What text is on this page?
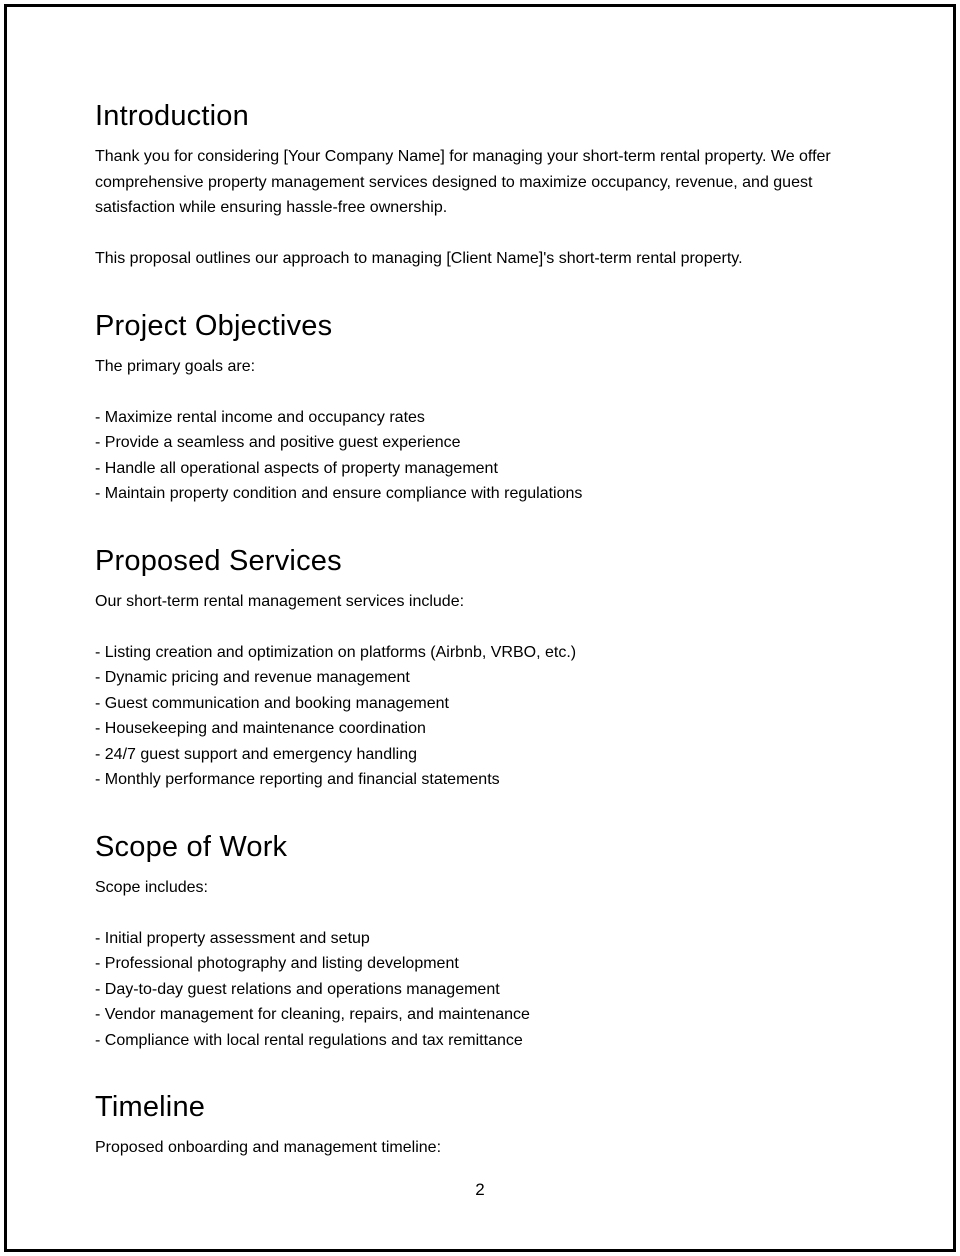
Introduction

Thank you for considering [Your Company Name] for managing your short-term rental property. We offer comprehensive property management services designed to maximize occupancy, revenue, and guest satisfaction while ensuring hassle-free ownership.

This proposal outlines our approach to managing [Client Name]'s short-term rental property.

Project Objectives

The primary goals are:

- Maximize rental income and occupancy rates
- Provide a seamless and positive guest experience
- Handle all operational aspects of property management
- Maintain property condition and ensure compliance with regulations
Proposed Services

Our short-term rental management services include:

- Listing creation and optimization on platforms (Airbnb, VRBO, etc.)
- Dynamic pricing and revenue management
- Guest communication and booking management
- Housekeeping and maintenance coordination
- 24/7 guest support and emergency handling
- Monthly performance reporting and financial statements
Scope of Work

Scope includes:

- Initial property assessment and setup
- Professional photography and listing development
- Day-to-day guest relations and operations management
- Vendor management for cleaning, repairs, and maintenance
- Compliance with local rental regulations and tax remittance
Timeline

Proposed onboarding and management timeline:

2
